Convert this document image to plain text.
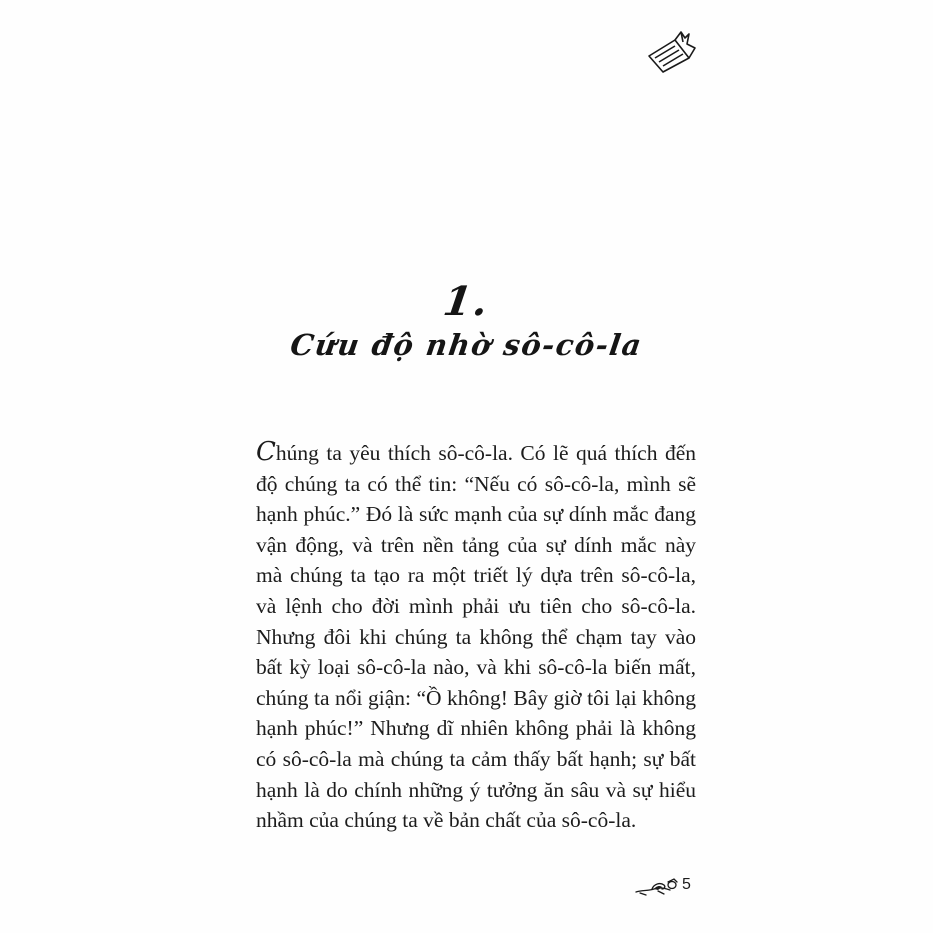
1.
Cứu độ nhờ sô-cô-la

Chúng ta yêu thích sô-cô-la. Có lẽ quá thích đến độ chúng ta có thể tin: “Nếu có sô-cô-la, mình sẽ hạnh phúc.” Đó là sức mạnh của sự dính mắc đang vận động, và trên nền tảng của sự dính mắc này mà chúng ta tạo ra một triết lý dựa trên sô-cô-la, và lệnh cho đời mình phải ưu tiên cho sô-cô-la. Nhưng đôi khi chúng ta không thể chạm tay vào bất kỳ loại sô-cô-la nào, và khi sô-cô-la biến mất, chúng ta nổi giận: “Ồ không! Bây giờ tôi lại không hạnh phúc!” Nhưng dĩ nhiên không phải là không có sô-cô-la mà chúng ta cảm thấy bất hạnh; sự bất hạnh là do chính những ý tưởng ăn sâu và sự hiểu nhầm của chúng ta về bản chất của sô-cô-la.

5
